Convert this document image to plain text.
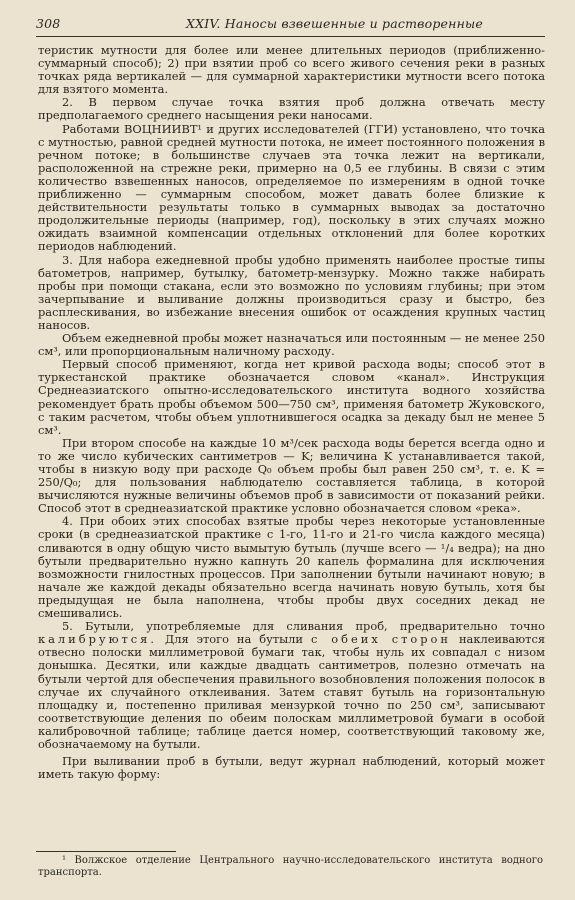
308	XXIV. Наносы взвешенные и растворенные

теристик мутности для более или менее длительных периодов (приближенно-суммарный способ); 2) при взятии проб со всего живого сечения реки в разных точках ряда вертикалей — для суммарной характеристики мутности всего потока для взятого момента.

2. В первом случае точка взятия проб должна отвечать месту предполагаемого среднего насыщения реки наносами.

Работами ВОЦНИИВТ¹ и других исследователей (ГГИ) установлено, что точка с мутностью, равной средней мутности потока, не имеет постоянного положения в речном потоке; в большинстве случаев эта точка лежит на вертикали, расположенной на стрежне реки, примерно на 0,5 ее глубины. В связи с этим количество взвешенных наносов, определяемое по измерениям в одной точке приближенно — суммарным способом, может давать более близкие к действительности результаты только в суммарных выводах за достаточно продолжительные периоды (например, год), поскольку в этих случаях можно ожидать взаимной компенсации отдельных отклонений для более коротких периодов наблюдений.

3. Для набора ежедневной пробы удобно применять наиболее простые типы батометров, например, бутылку, батометр-мензурку. Можно также набирать пробы при помощи стакана, если это возможно по условиям глубины; при этом зачерпывание и выливание должны производиться сразу и быстро, без расплескивания, во избежание внесения ошибок от осаждения крупных частиц наносов.

Объем ежедневной пробы может назначаться или постоянным — не менее 250 см³, или пропорциональным наличному расходу.

Первый способ применяют, когда нет кривой расхода воды; способ этот в туркестанской практике обозначается словом «канал». Инструкция Среднеазиатского опытно-исследовательского института водного хозяйства рекомендует брать пробы объемом 500—750 см³, применяя батометр Жуковского, с таким расчетом, чтобы объем уплотнившегося осадка за декаду был не менее 5 см³.

При втором способе на каждые 10 м³/сек расхода воды берется всегда одно и то же число кубических сантиметров — K; величина K устанавливается такой, чтобы в низкую воду при расходе Q₀ объем пробы был равен 250 см³, т. е. K = 250/Q₀; для пользования наблюдателю составляется таблица, в которой вычисляются нужные величины объемов проб в зависимости от показаний рейки. Способ этот в среднеазиатской практике условно обозначается словом «река».

4. При обоих этих способах взятые пробы через некоторые установленные сроки (в среднеазиатской практике с 1-го, 11-го и 21-го числа каждого месяца) сливаются в одну общую чисто вымытую бутыль (лучше всего — ¹/₄ ведра); на дно бутыли предварительно нужно капнуть 20 капель формалина для исключения возможности гнилостных процессов. При заполнении бутыли начинают новую; в начале же каждой декады обязательно всегда начинать новую бутыль, хотя бы предыдущая не была наполнена, чтобы пробы двух соседних декад не смешивались.

5. Бутыли, употребляемые для сливания проб, предварительно точно калибруются. Для этого на бутыли с обеих сторон наклеиваются отвесно полоски миллиметровой бумаги так, чтобы нуль их совпадал с низом донышка. Десятки, или каждые двадцать сантиметров, полезно отмечать на бутыли чертой для обеспечения правильного возобновления положения полосок в случае их случайного отклеивания. Затем ставят бутыль на горизонтальную площадку и, постепенно приливая мензуркой точно по 250 см³, записывают соответствующие деления по обеим полоскам миллиметровой бумаги в особой калибровочной таблице; таблице дается номер, соответствующий таковому же, обозначаемому на бутыли.

При выливании проб в бутыли, ведут журнал наблюдений, который может иметь такую форму:

¹ Волжское отделение Центрального научно-исследовательского института водного транспорта.
